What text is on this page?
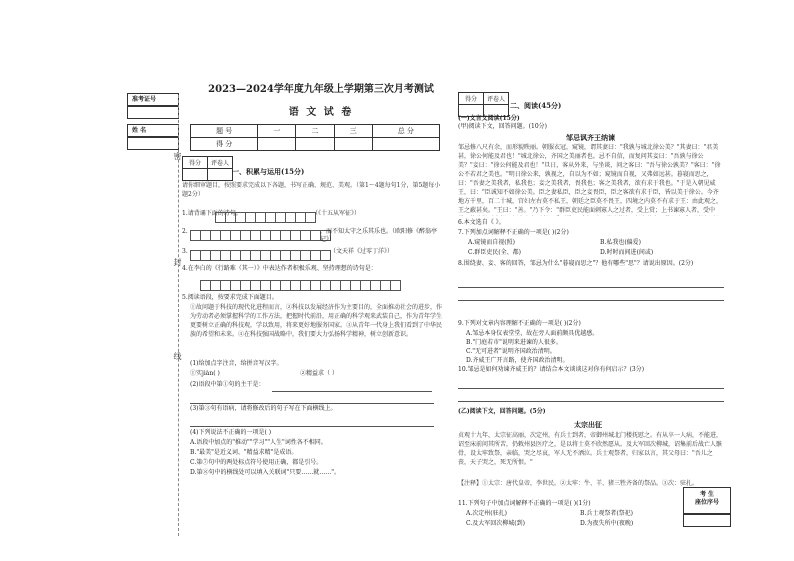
准考证号
姓 名
密
封
线
2023—2024学年度九年级上学期第三次月考测试
语 文 试 卷
题 号	一	二	三	总 分
得 分				
得分	评卷人

一、积累与运用(15分)
请你细审题目，按照要求完成以下各题，书写正确、规范、美观。（第1～4题每句1分，第5题每小题2分）
1.请背诵下面的诗句。	（《十五从军征》）
2.	，而不知太守之乐其乐也。（欧阳修《醉翁亭记》）
3.	（文天祥《过零丁洋》）
4.在李白的《行路难（其一）》中表达作者积极乐观、坚持理想的诗句是：
5.阅读语段，按要求完成下面题目。
①故问题于科技的现代化进程而言，②科技以发展经济作为主要目的，全面推动社会的进步，作为劳动者必须掌握科学的工作方法，把握时代前沿，用正确的科学观来武装自己，作为青年学生更要树立正确的科技观，学以致用，将来更好地服务国家。③从青年一代身上我们看到了中华民族的希望和未来。④在科技强国战略中，我们要大力弘扬科学精神，树立创新意识。
(1)给加点字注音，给拼音写汉字。
①实jiàn( )	②精益求（ ）
(2)语段中第①句的主干是：
(3)第③句有语病，请将修改后的句子写在下面横线上。
(4)下列说法不正确的一项是( )
A.语段中加点的"推动""学习""人生"词性各不相同。
B."最美"是近义词、"精益求精"是成语。
C.第⑦句中的两处标点符号使用正确，都是引号。
D.第⑧句中的横线处可以填入关联词"只要……就……"。
得分	评卷人

二、阅读(45分)
(一)文言文阅读(15分)
(甲)阅读下文，回答问题。(10分)
邹忌讽齐王纳谏
邹忌修八尺有余，而形貌昳丽。朝服衣冠，窥镜，谓其妻曰："我孰与城北徐公美？"其妻曰："君美甚，徐公何能及君也！"城北徐公，齐国之美丽者也。忌不自信，而复问其妾曰："吾孰与徐公美？"妾曰："徐公何能及君也！"旦日，客从外来，与坐谈，问之客曰："吾与徐公孰美？"客曰："徐公不若君之美也。"明日徐公来，孰视之，自以为不如；窥镜而自视，又弗如远甚。暮寝而思之，曰："吾妻之美我者，私我也；妾之美我者，畏我也；客之美我者，欲有求于我也。"于是入朝见威王，曰："臣诚知不如徐公美。臣之妻私臣，臣之妾畏臣，臣之客欲有求于臣，皆以美于徐公。今齐地方千里，百二十城，宫妇左右莫不私王，朝廷之臣莫不畏王，四境之内莫不有求于王：由此观之，王之蔽甚矣。"王曰："善。"乃下令："群臣吏民能面刺寡人之过者，受上赏；上书谏寡人者，受中
6.本文选自《 》。
7.下列加点词解释不正确的一项是( )(2分)
A.窥镜而自视(照)	B.私我也(偏爱)
C.群臣吏民(全、都)	D.时时而间进(间或)
8.围绕妻、妾、客的回答，邹忌为什么"暮寝而思之"？他有哪些"思"？请说出原因。(2分)
9.下列对文章内容理解不正确的一项是( )(2分)
A.邹忌本身仪表堂堂，故在旁人面前颇具优越感。
B."门庭若市"说明来进谏的人很多。
C."无可进者"说明齐国政治清明。
D.齐威王广开言路，使齐国政治清明。
10.邹忌是如何劝谏齐威王的？请结合本文谈谈这对你有何启示？(3分)
(乙)阅读下文，回答问题。(5分)
太宗出征
贞观十九年，太宗征高丽，次定州，有兵士到者，帝御州城北门楼抚慰之。有从卒一人病，不能进，诏至床前问其所苦，仍敕州县医疗之，是以将士莫不欣然愿从。及大军回次柳城，诏集前后战亡人骸骨，设太牢致祭，亲临，哭之尽哀，军人无不洒泣。兵士观祭者，归家以言，其父母曰："吾儿之丧，天子哭之，死无所恨。"
【注释】①太宗：唐代皇帝，李世民。②太牢：牛、羊、猪三牲齐备的祭品。③次：驻扎。
11.下列句子中加点词解释不正确的一项是( )(1分)
A.次定州(驻扎)	B.兵士观祭者(祭祀)
C.及大军回次柳城(到)	D.为夜失所中(夜晚)
考 生
座位序号
